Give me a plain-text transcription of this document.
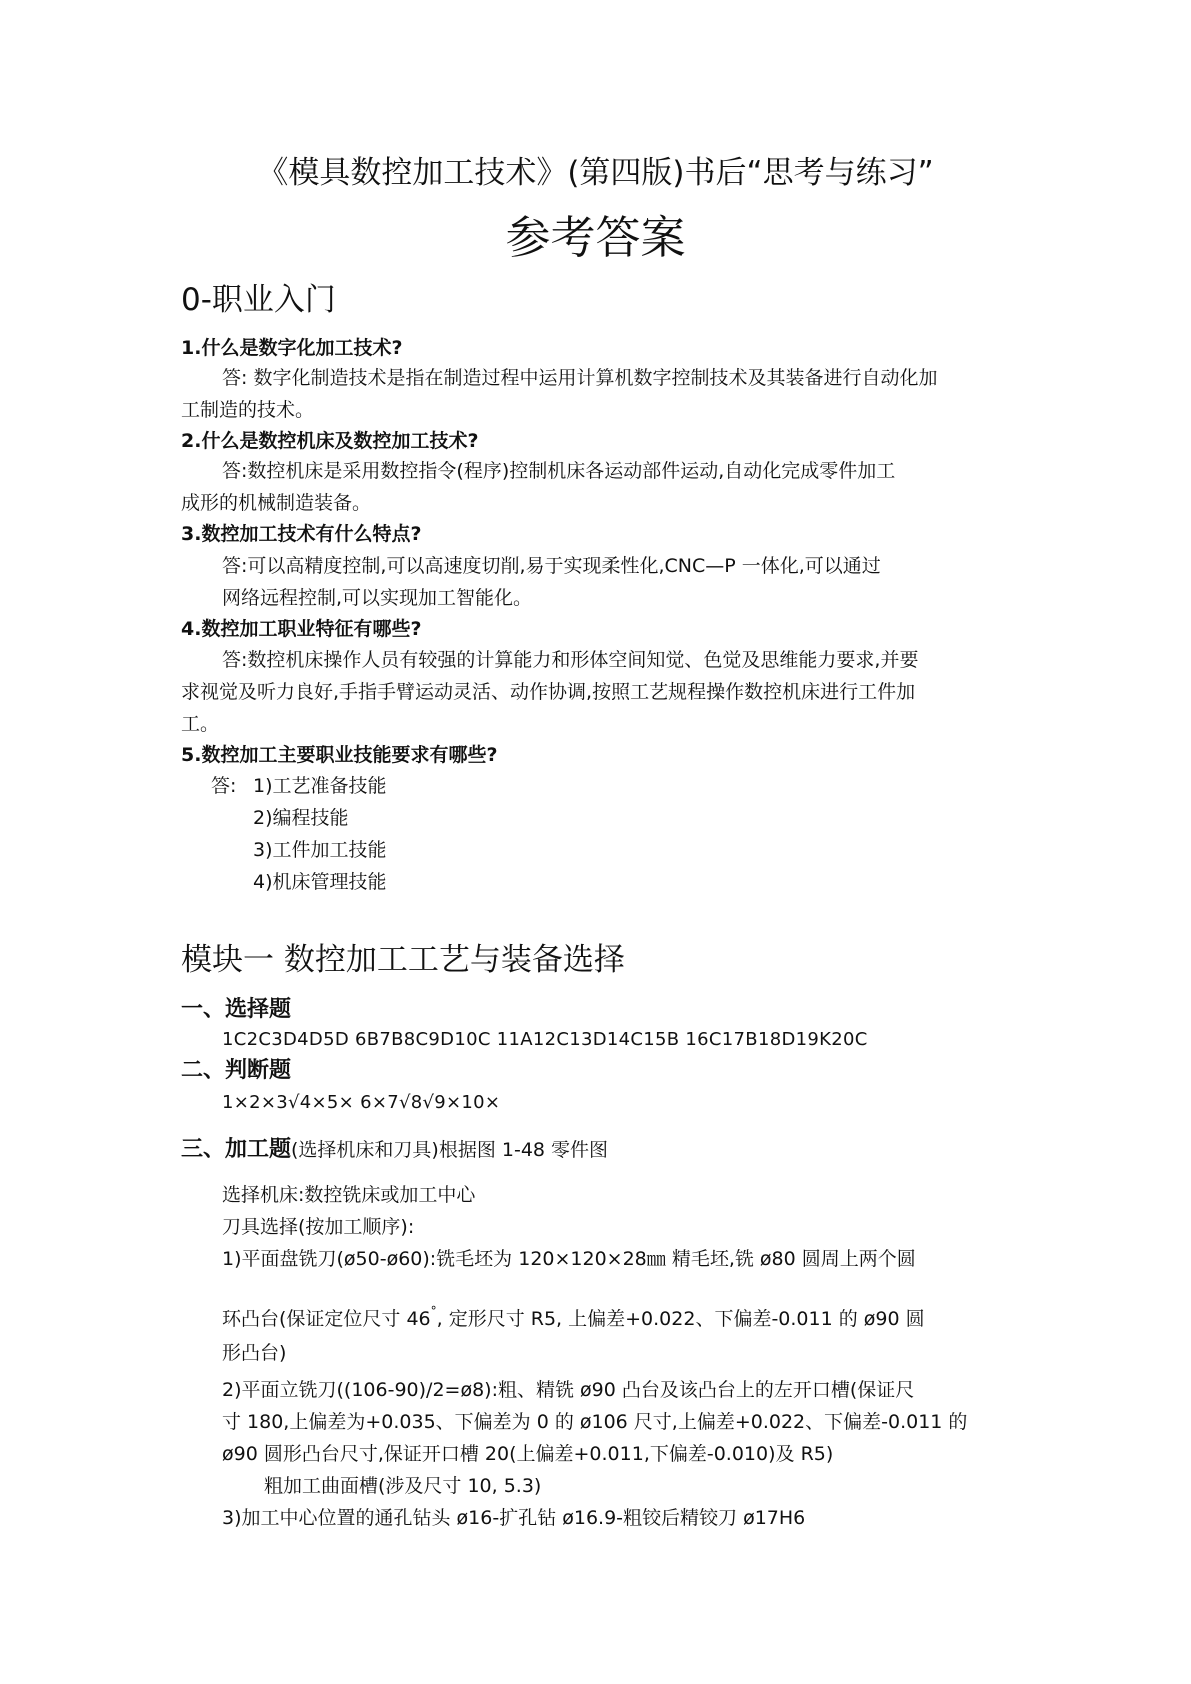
《模具数控加工技术》(第四版)书后“思考与练习”
参考答案
0-职业入门
1.什么是数字化加工技术?
答: 数字化制造技术是指在制造过程中运用计算机数字控制技术及其装备进行自动化加
工制造的技术。
2.什么是数控机床及数控加工技术?
答:数控机床是采用数控指令(程序)控制机床各运动部件运动,自动化完成零件加工
成形的机械制造装备。
3.数控加工技术有什么特点?
答:可以高精度控制,可以高速度切削,易于实现柔性化,CNC—P 一体化,可以通过
网络远程控制,可以实现加工智能化。
4.数控加工职业特征有哪些?
答:数控机床操作人员有较强的计算能力和形体空间知觉、色觉及思维能力要求,并要
求视觉及听力良好,手指手臂运动灵活、动作协调,按照工艺规程操作数控机床进行工件加
工。
5.数控加工主要职业技能要求有哪些?
答: 1)工艺准备技能
2)编程技能
3)工件加工技能
4)机床管理技能
模块一 数控加工工艺与装备选择
一、选择题
1C2C3D4D5D 6B7B8C9D10C 11A12C13D14C15B 16C17B18D19K20C
二、判断题
1×2×3√4×5× 6×7√8√9×10×
三、加工题(选择机床和刀具)根据图 1-48 零件图
选择机床:数控铣床或加工中心
刀具选择(按加工顺序):
1)平面盘铣刀(ø50-ø60):铣毛坯为 120×120×28㎜ 精毛坯,铣 ø80 圆周上两个圆
环凸台(保证定位尺寸 46°, 定形尺寸 R5, 上偏差+0.022、下偏差-0.011 的 ø90 圆
形凸台)
2)平面立铣刀((106-90)/2=ø8):粗、精铣 ø90 凸台及该凸台上的左开口槽(保证尺
寸 180,上偏差为+0.035、下偏差为 0 的 ø106 尺寸,上偏差+0.022、下偏差-0.011 的
ø90 圆形凸台尺寸,保证开口槽 20(上偏差+0.011,下偏差-0.010)及 R5)
粗加工曲面槽(涉及尺寸 10, 5.3)
3)加工中心位置的通孔钻头 ø16-扩孔钻 ø16.9-粗铰后精铰刀 ø17H6
